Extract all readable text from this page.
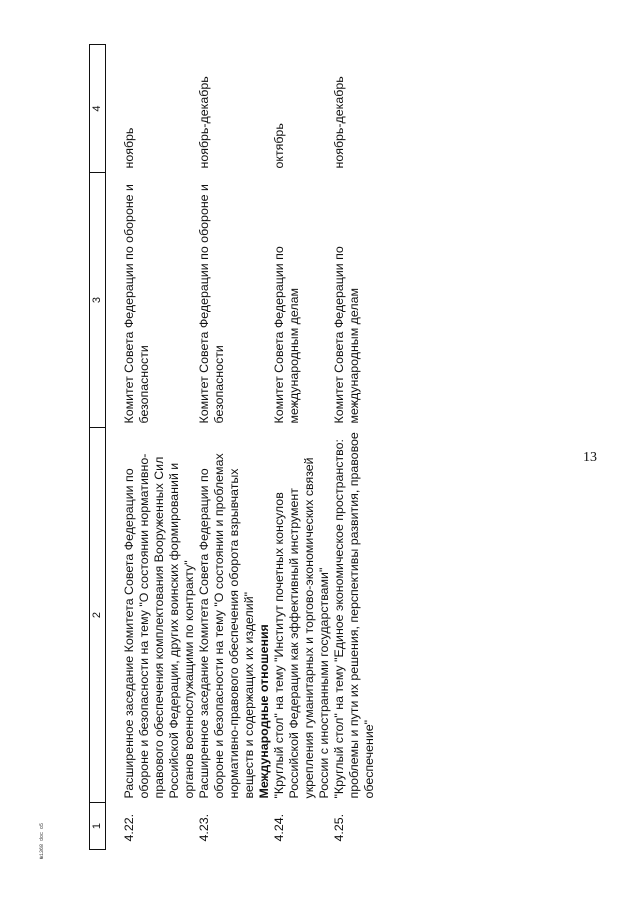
13
1	2	3	4

4.22.	Расширенное заседание Комитета Совета Федерации по обороне и безопасности на тему "О состоянии нормативно-правового обеспечения комплектования Вооруженных Сил Российской Федерации, других воинских формирований и органов военнослужащими по контракту"	Комитет Совета Федерации по обороне и безопасности	ноябрь
4.23.	Расширенное заседание Комитета Совета Федерации по обороне и безопасности на тему "О состоянии и проблемах нормативно-правового обеспечения оборота взрывчатых веществ и содержащих их изделий"	Комитет Совета Федерации по обороне и безопасности	ноябрь-декабрь
	Международные отношения		
4.24.	"Круглый стол" на тему "Институт почетных консулов Российской Федерации как эффективный инструмент укрепления гуманитарных и торгово-экономических связей России с иностранными государствами"	Комитет Совета Федерации по международным делам	октябрь
4.25.	"Круглый стол" на тему "Единое экономическое пространство: проблемы и пути их решения, перспективы развития, правовое обеспечение"	Комитет Совета Федерации по международным делам	ноябрь-декабрь
№1368 doc o5
